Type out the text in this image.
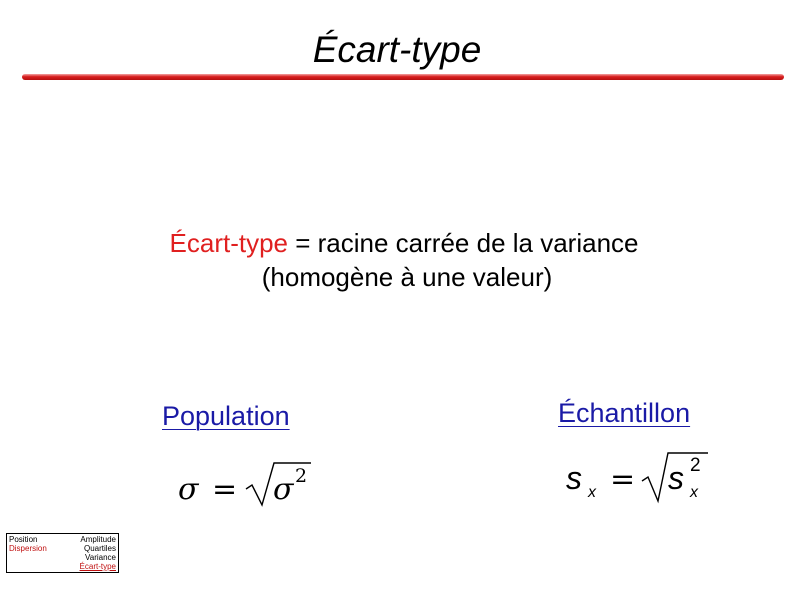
Écart-type
Écart-type = racine carrée de la variance
(homogène à une valeur)
Population	Échantillon
σ = σ 2	s x = s x
2
Position
Dispersion
Amplitude
Quartiles
Variance
Écart-type
